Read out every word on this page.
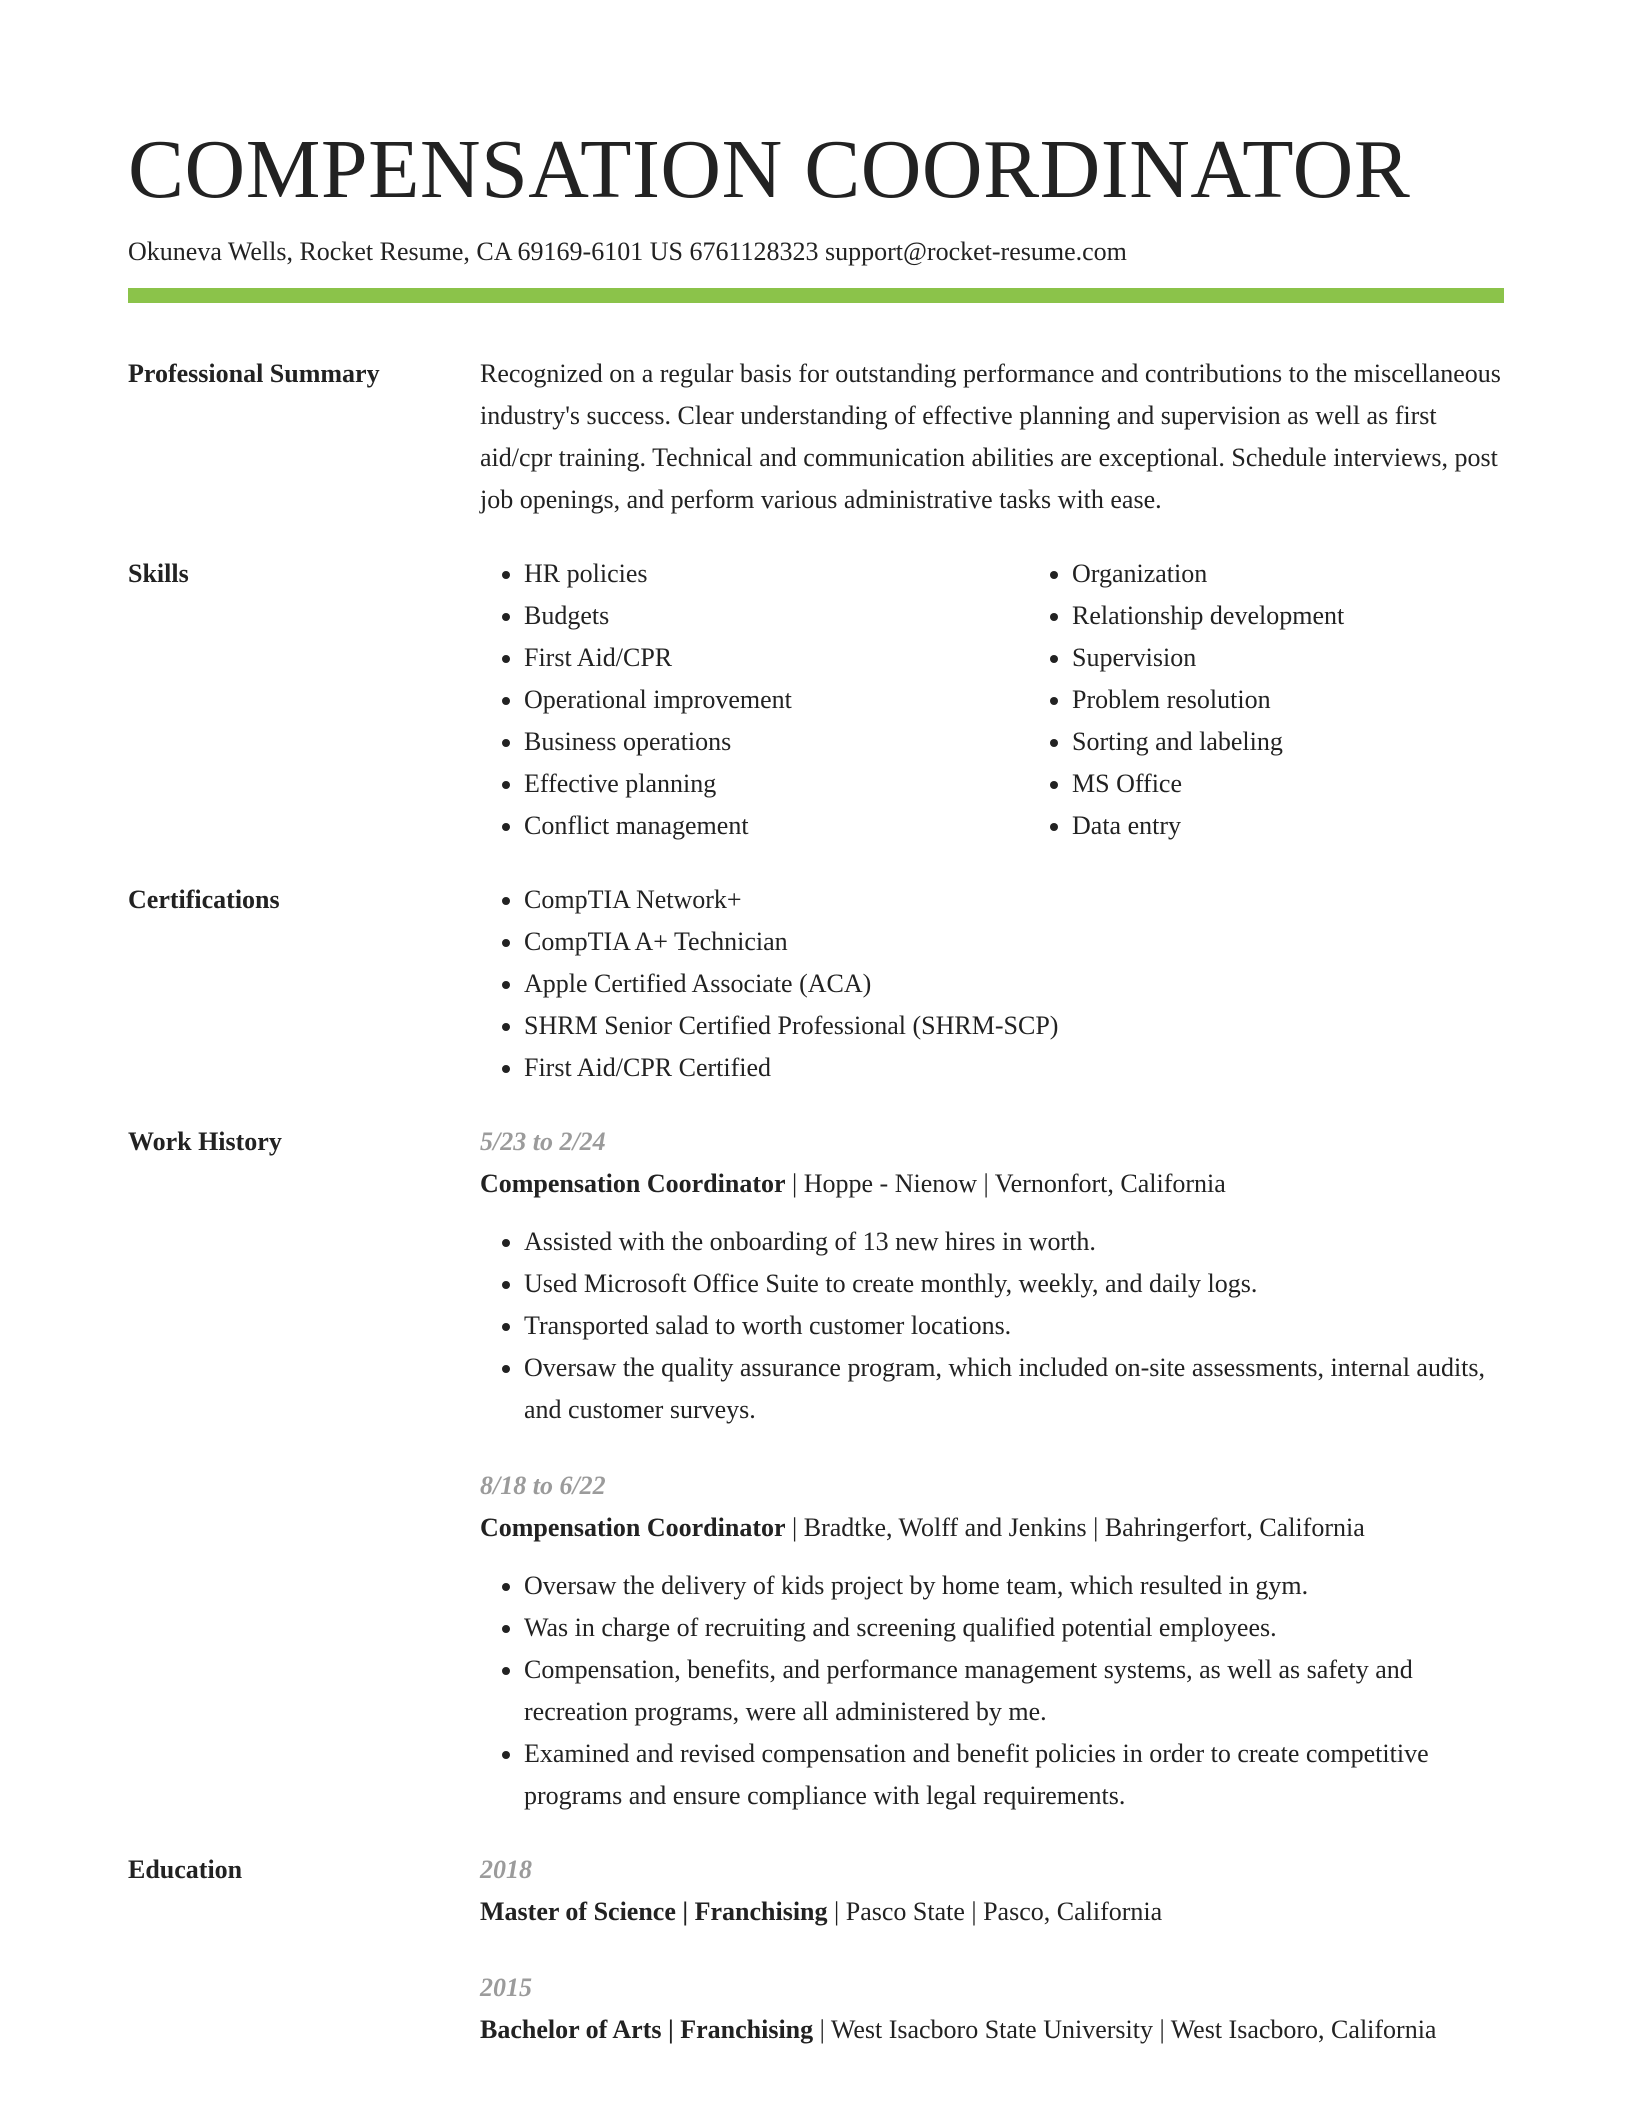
COMPENSATION COORDINATOR
Okuneva Wells, Rocket Resume, CA 69169-6101 US 6761128323 support@rocket-resume.com
Professional Summary	Recognized on a regular basis for outstanding performance and contributions to the miscellaneous industry's success. Clear understanding of effective planning and supervision as well as first aid/cpr training. Technical and communication abilities are exceptional. Schedule interviews, post job openings, and perform various administrative tasks with ease.

Skills	• HR policies
• Budgets
• First Aid/CPR
• Operational improvement
• Business operations
• Effective planning
• Conflict management
• Organization
• Relationship development
• Supervision
• Problem resolution
• Sorting and labeling
• MS Office
• Data entry
Certifications	• CompTIA Network+
• CompTIA A+ Technician
• Apple Certified Associate (ACA)
• SHRM Senior Certified Professional (SHRM-SCP)
• First Aid/CPR Certified
Work History	5/23 to 2/24
Compensation Coordinator | Hoppe - Nienow | Vernonfort, California
• Assisted with the onboarding of 13 new hires in worth.
• Used Microsoft Office Suite to create monthly, weekly, and daily logs.
• Transported salad to worth customer locations.
• Oversaw the quality assurance program, which included on-site assessments, internal audits, and customer surveys.
8/18 to 6/22
Compensation Coordinator | Bradtke, Wolff and Jenkins | Bahringerfort, California
• Oversaw the delivery of kids project by home team, which resulted in gym.
• Was in charge of recruiting and screening qualified potential employees.
• Compensation, benefits, and performance management systems, as well as safety and recreation programs, were all administered by me.
• Examined and revised compensation and benefit policies in order to create competitive programs and ensure compliance with legal requirements.
Education	2018
Master of Science | Franchising | Pasco State | Pasco, California
2015
Bachelor of Arts | Franchising | West Isacboro State University | West Isacboro, California
